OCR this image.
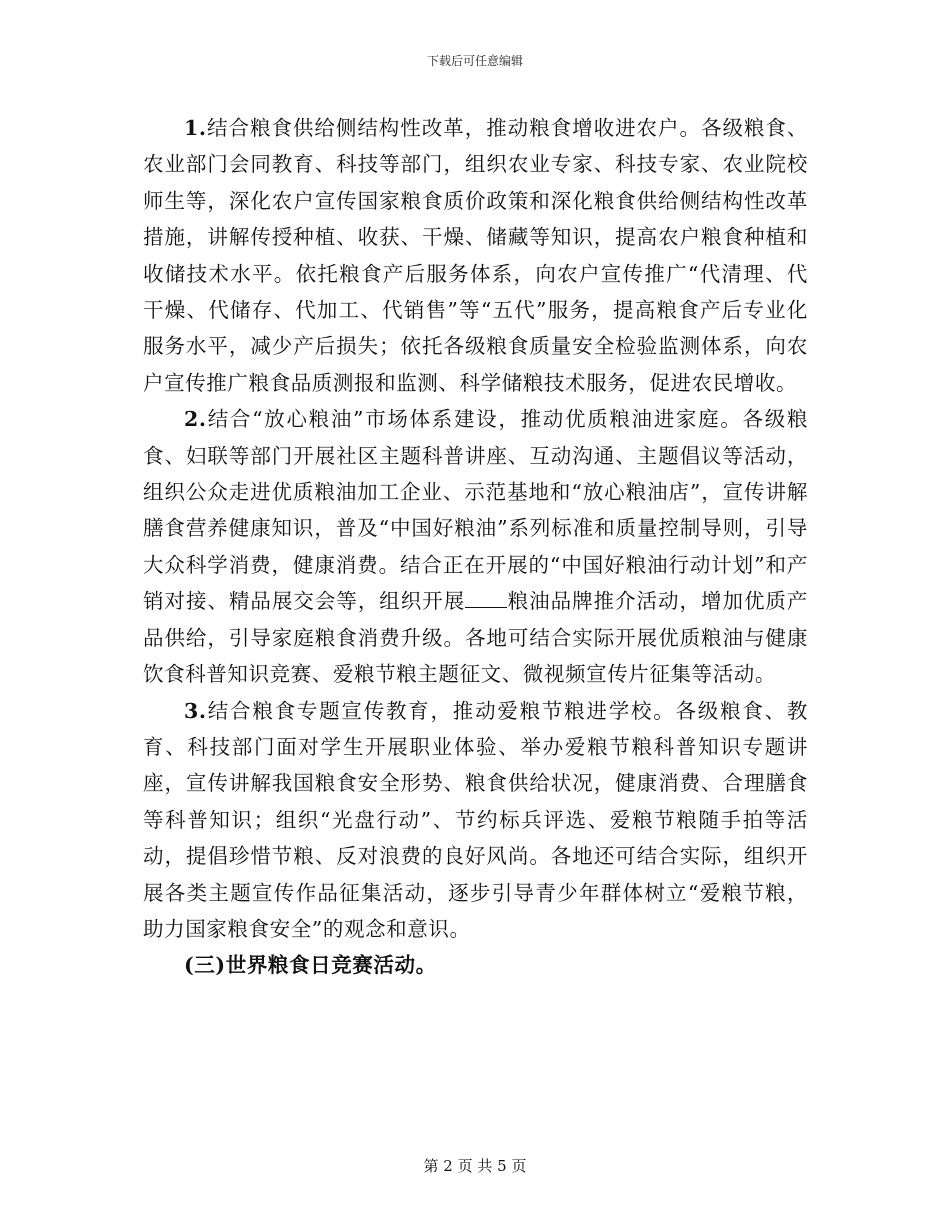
下载后可任意编辑

1.结合粮食供给侧结构性改革，推动粮食增收进农户。各级粮食、农业部门会同教育、科技等部门，组织农业专家、科技专家、农业院校师生等，深化农户宣传国家粮食质价政策和深化粮食供给侧结构性改革措施，讲解传授种植、收获、干燥、储藏等知识，提高农户粮食种植和收储技术水平。依托粮食产后服务体系，向农户宣传推广“代清理、代干燥、代储存、代加工、代销售”等“五代”服务，提高粮食产后专业化服务水平，减少产后损失；依托各级粮食质量安全检验监测体系，向农户宣传推广粮食品质测报和监测、科学储粮技术服务，促进农民增收。

2.结合“放心粮油”市场体系建设，推动优质粮油进家庭。各级粮食、妇联等部门开展社区主题科普讲座、互动沟通、主题倡议等活动，组织公众走进优质粮油加工企业、示范基地和“放心粮油店”，宣传讲解膳食营养健康知识，普及“中国好粮油”系列标准和质量控制导则，引导大众科学消费，健康消费。结合正在开展的“中国好粮油行动计划”和产销对接、精品展交会等，组织开展 粮油品牌推介活动，增加优质产品供给，引导家庭粮食消费升级。各地可结合实际开展优质粮油与健康饮食科普知识竞赛、爱粮节粮主题征文、微视频宣传片征集等活动。

3.结合粮食专题宣传教育，推动爱粮节粮进学校。各级粮食、教育、科技部门面对学生开展职业体验、举办爱粮节粮科普知识专题讲座，宣传讲解我国粮食安全形势、粮食供给状况，健康消费、合理膳食等科普知识；组织“光盘行动”、节约标兵评选、爱粮节粮随手拍等活动，提倡珍惜节粮、反对浪费的良好风尚。各地还可结合实际，组织开展各类主题宣传作品征集活动，逐步引导青少年群体树立“爱粮节粮，助力国家粮食安全”的观念和意识。

(三)世界粮食日竞赛活动。

第 2 页 共 5 页
